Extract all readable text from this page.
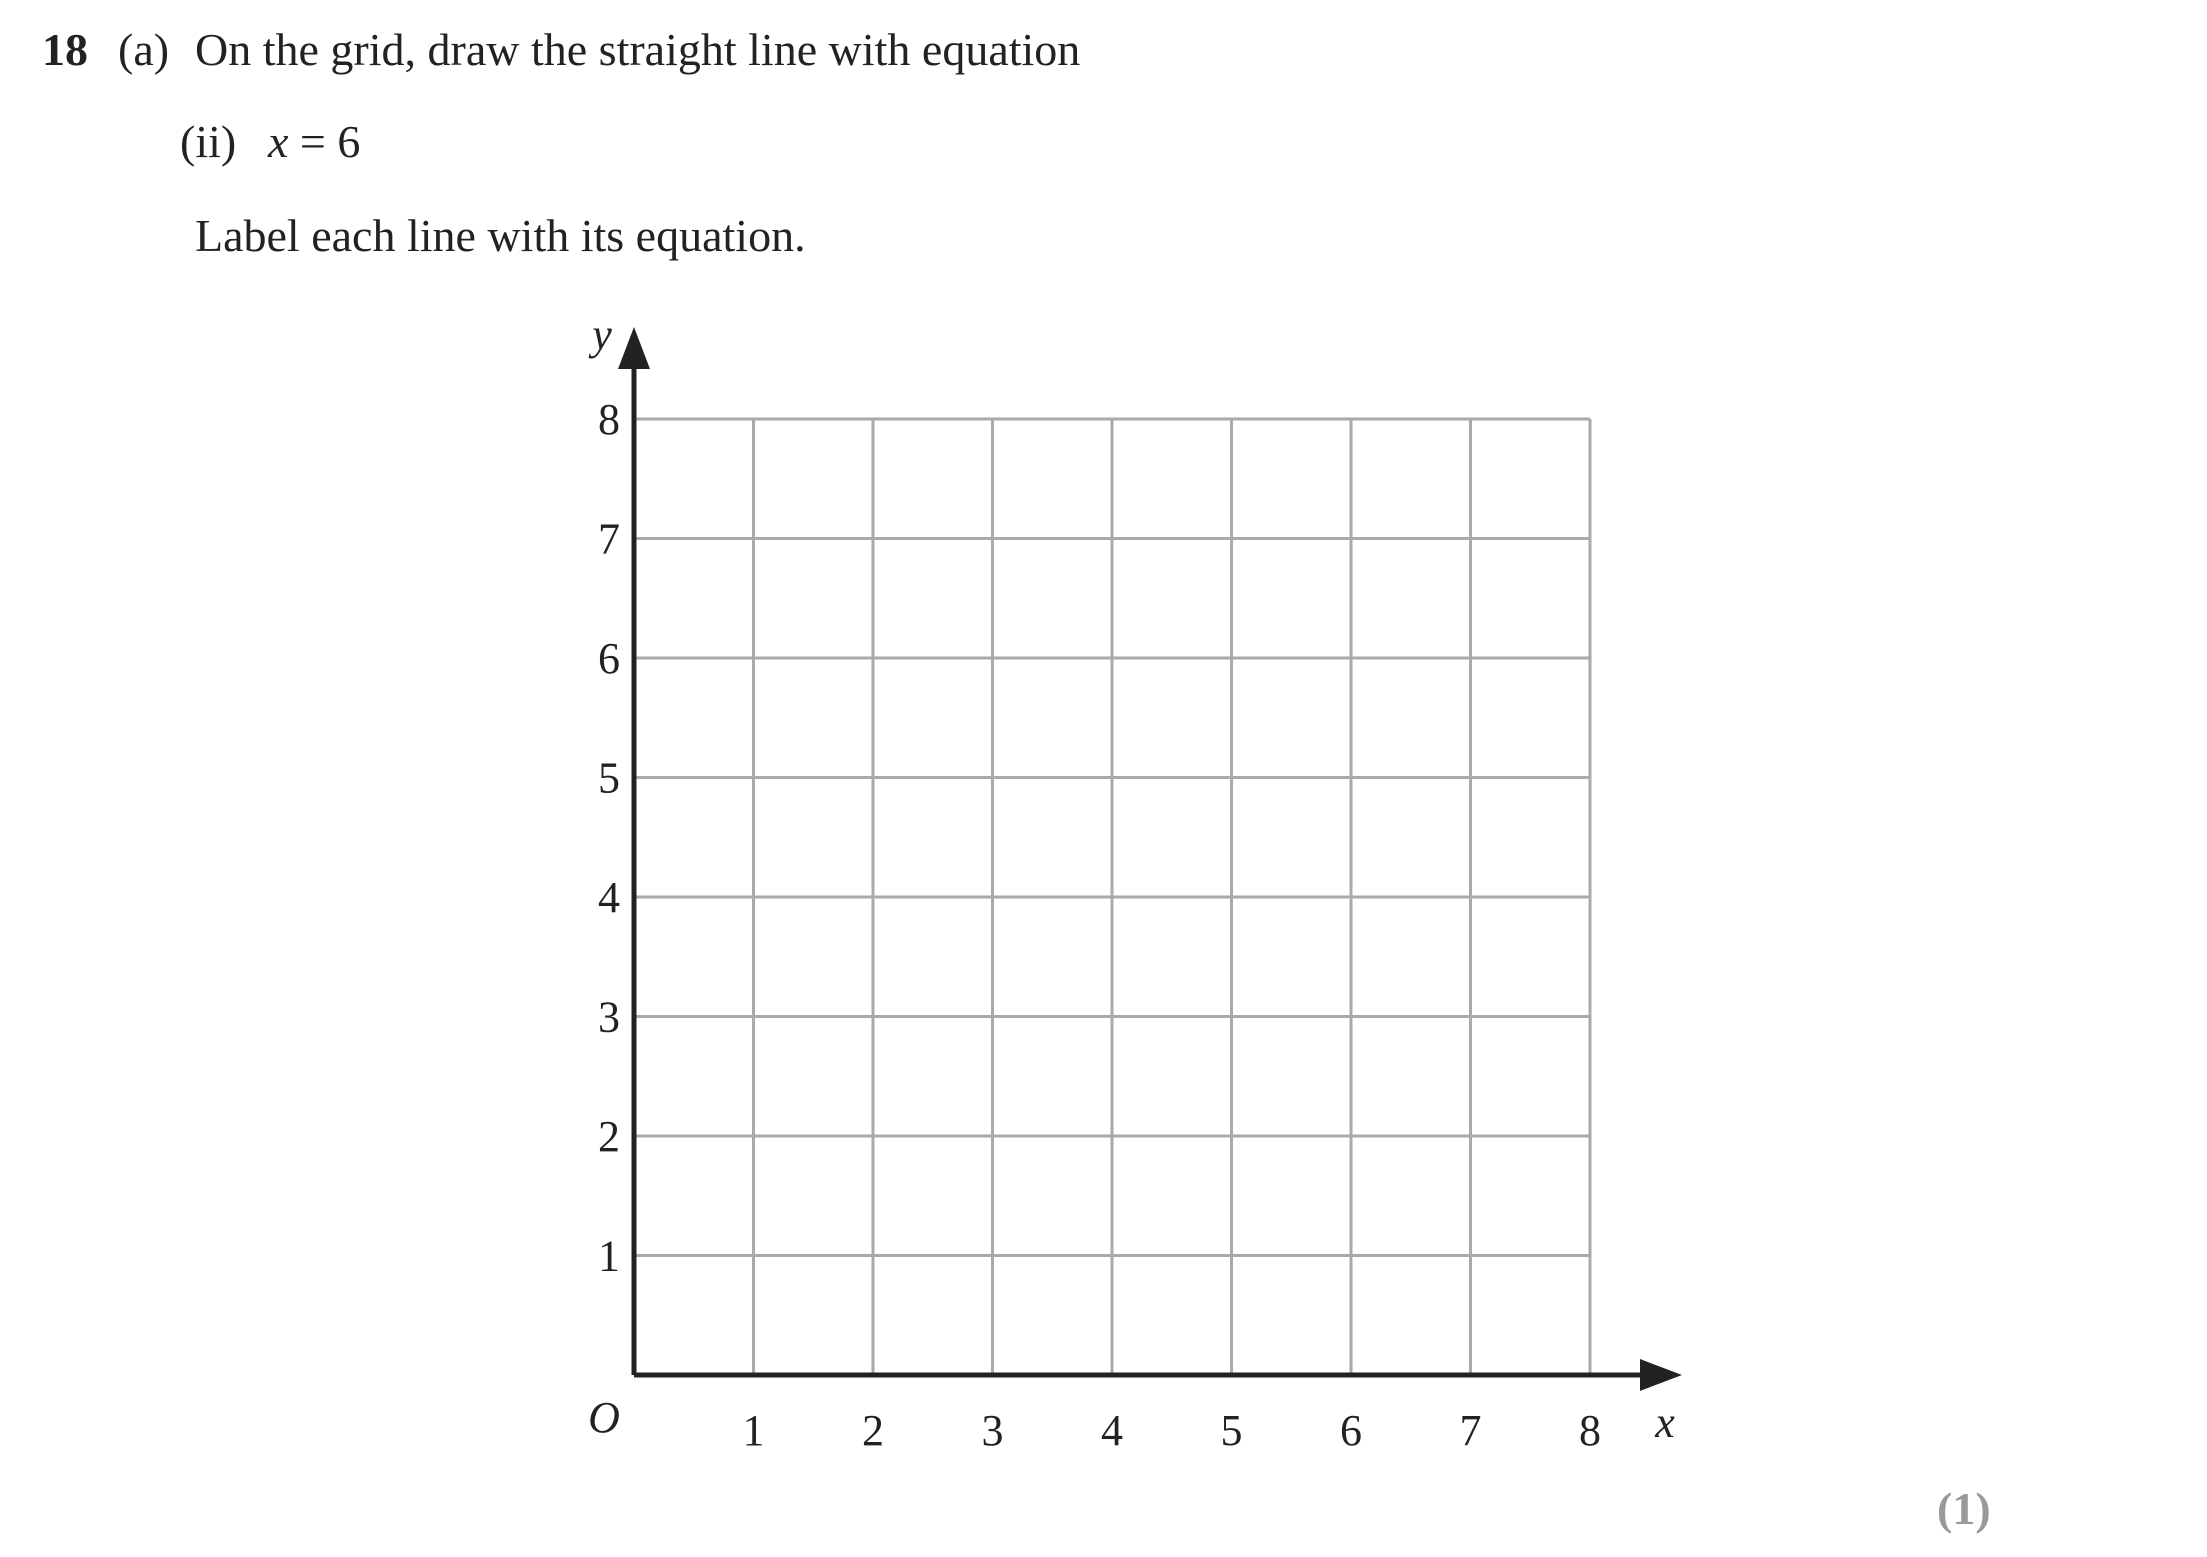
18 (a) On the grid, draw the straight line with equation
(ii) x = 6
Label each line with its equation.
(1)
1 2 3 4 5 6 7 8
1
2
3
4
5
6
7
8
O	x
y
